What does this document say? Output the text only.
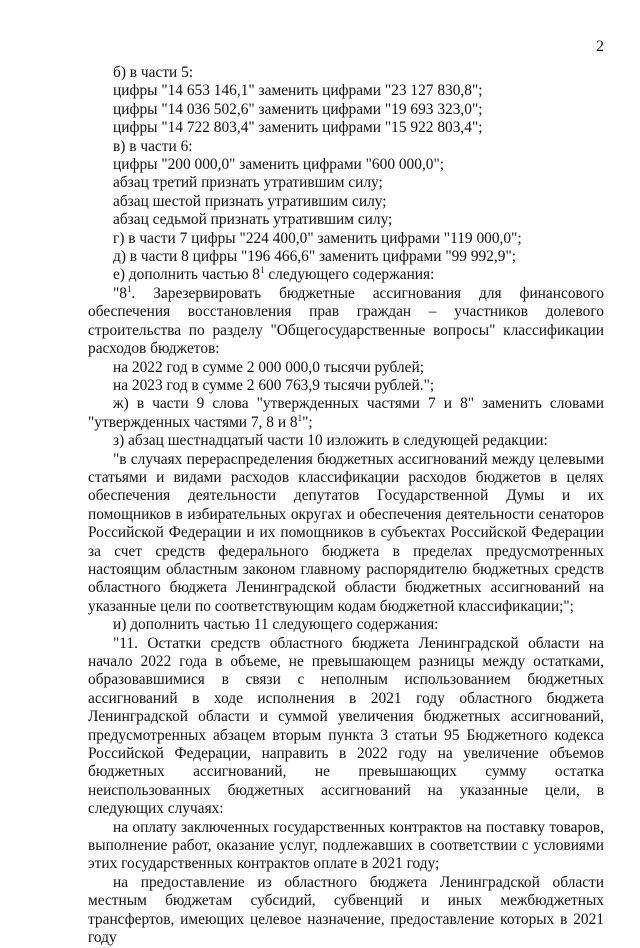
2

б) в части 5:

цифры "14 653 146,1" заменить цифрами "23 127 830,8";

цифры "14 036 502,6" заменить цифрами "19 693 323,0";

цифры "14 722 803,4" заменить цифрами "15 922 803,4";

в) в части 6:

цифры "200 000,0" заменить цифрами "600 000,0";

абзац третий признать утратившим силу;

абзац шестой признать утратившим силу;

абзац седьмой признать утратившим силу;

г) в части 7 цифры "224 400,0" заменить цифрами "119 000,0";

д) в части 8 цифры "196 466,6" заменить цифрами "99 992,9";

е) дополнить частью $8^1$ следующего содержания:

"$8^1$. Зарезервировать бюджетные ассигнования для финансового обеспечения восстановления прав граждан – участников долевого строительства по разделу "Общегосударственные вопросы" классификации расходов бюджетов:

на 2022 год в сумме 2 000 000,0 тысячи рублей;

на 2023 год в сумме 2 600 763,9 тысячи рублей.";

ж) в части 9 слова "утвержденных частями 7 и 8" заменить словами "утвержденных частями 7, 8 и $8^1$";

з) абзац шестнадцатый части 10 изложить в следующей редакции:

"в случаях перераспределения бюджетных ассигнований между целевыми статьями и видами расходов классификации расходов бюджетов в целях обеспечения деятельности депутатов Государственной Думы и их помощников в избирательных округах и обеспечения деятельности сенаторов Российской Федерации и их помощников в субъектах Российской Федерации за счет средств федерального бюджета в пределах предусмотренных настоящим областным законом главному распорядителю бюджетных средств областного бюджета Ленинградской области бюджетных ассигнований на указанные цели по соответствующим кодам бюджетной классификации;";

и) дополнить частью 11 следующего содержания:

"11. Остатки средств областного бюджета Ленинградской области на начало 2022 года в объеме, не превышающем разницы между остатками, образовавшимися в связи с неполным использованием бюджетных ассигнований в ходе исполнения в 2021 году областного бюджета Ленинградской области и суммой увеличения бюджетных ассигнований, предусмотренных абзацем вторым пункта 3 статьи 95 Бюджетного кодекса Российской Федерации, направить в 2022 году на увеличение объемов бюджетных ассигнований, не превышающих сумму остатка неиспользованных бюджетных ассигнований на указанные цели, в следующих случаях:

на оплату заключенных государственных контрактов на поставку товаров, выполнение работ, оказание услуг, подлежавших в соответствии с условиями этих государственных контрактов оплате в 2021 году;

на предоставление из областного бюджета Ленинградской области местным бюджетам субсидий, субвенций и иных межбюджетных трансфертов, имеющих целевое назначение, предоставление которых в 2021 году
